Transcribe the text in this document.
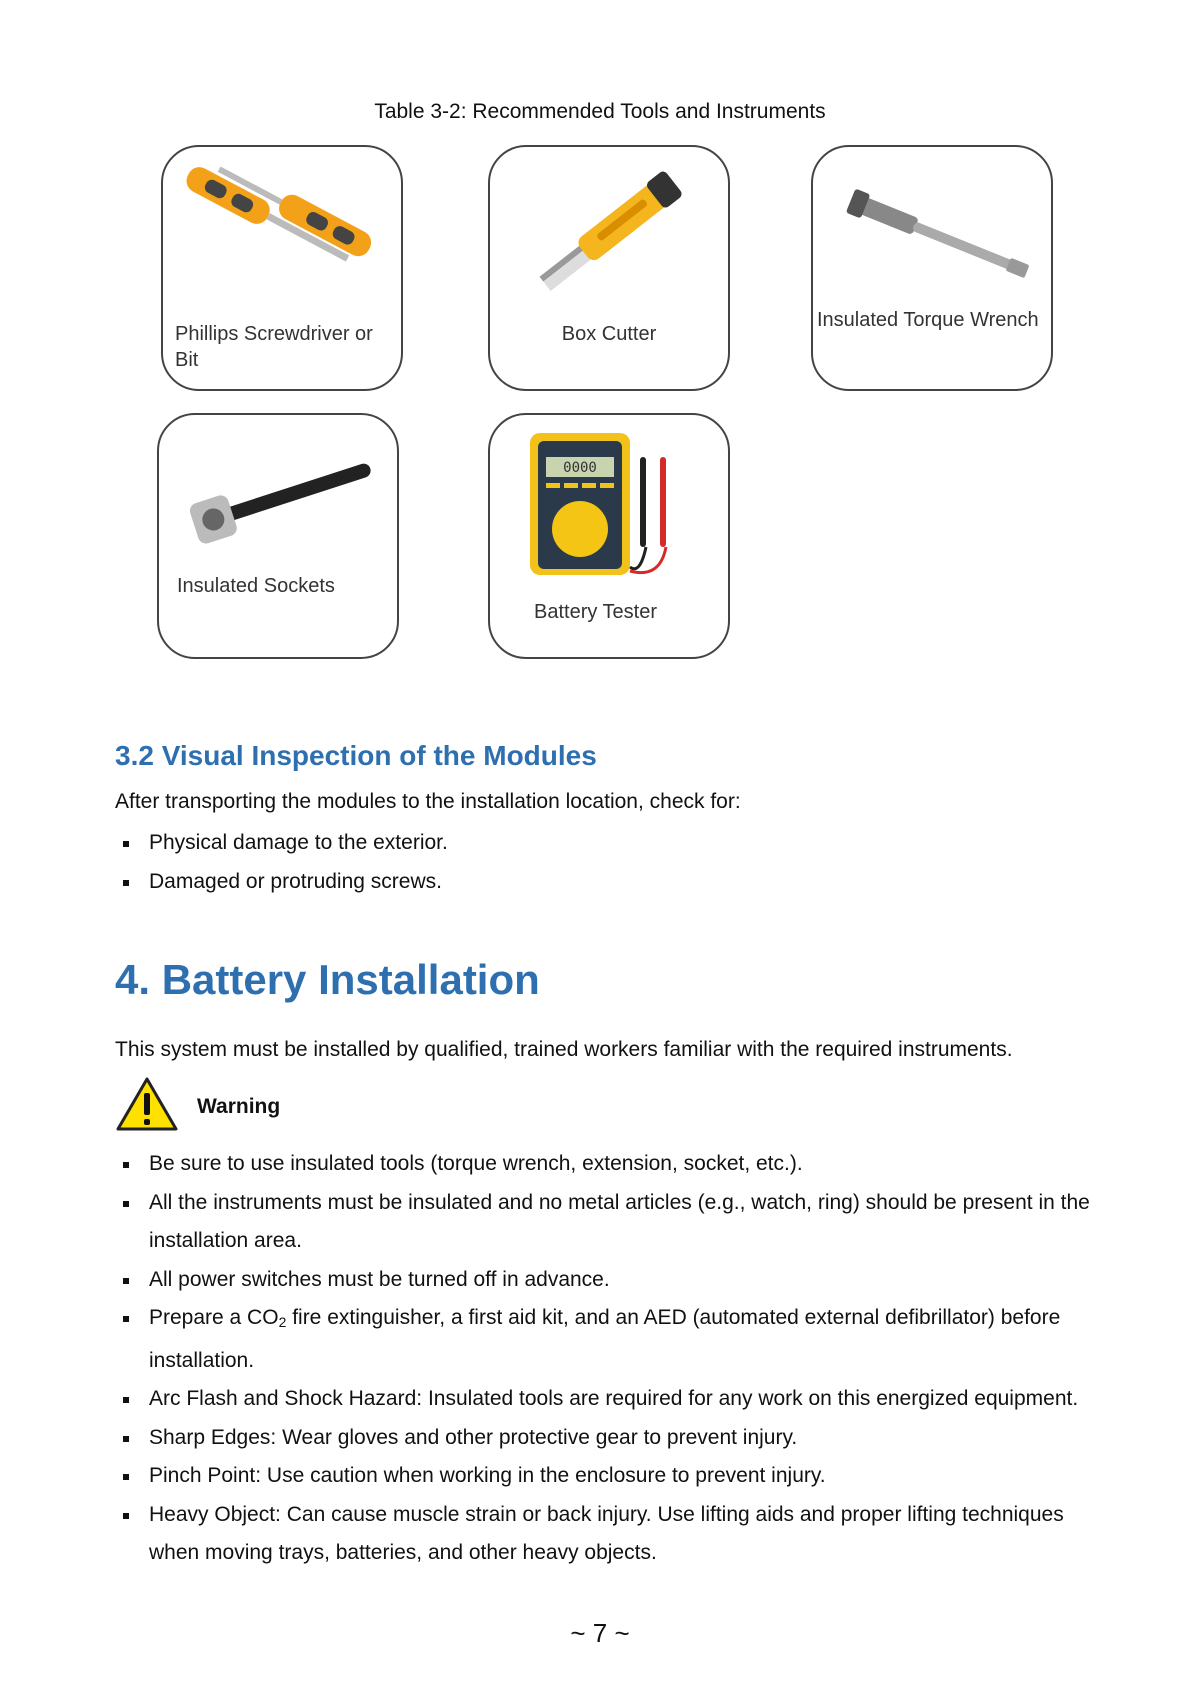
Table 3-2: Recommended Tools and Instruments
Phillips Screwdriver or Bit
Box Cutter
Insulated Torque Wrench
Insulated Sockets
0000
Battery Tester
3.2 Visual Inspection of the Modules
After transporting the modules to the installation location, check for:
Physical damage to the exterior.
Damaged or protruding screws.
4. Battery Installation
This system must be installed by qualified, trained workers familiar with the required instruments.
Warning
Be sure to use insulated tools (torque wrench, extension, socket, etc.).
All the instruments must be insulated and no metal articles (e.g., watch, ring) should be present in the installation area.
All power switches must be turned off in advance.
Prepare a $CO_2$ fire extinguisher, a first aid kit, and an AED (automated external defibrillator) before installation.
Arc Flash and Shock Hazard: Insulated tools are required for any work on this energized equipment.
Sharp Edges: Wear gloves and other protective gear to prevent injury.
Pinch Point: Use caution when working in the enclosure to prevent injury.
Heavy Object: Can cause muscle strain or back injury. Use lifting aids and proper lifting techniques when moving trays, batteries, and other heavy objects.
~ 7 ~
